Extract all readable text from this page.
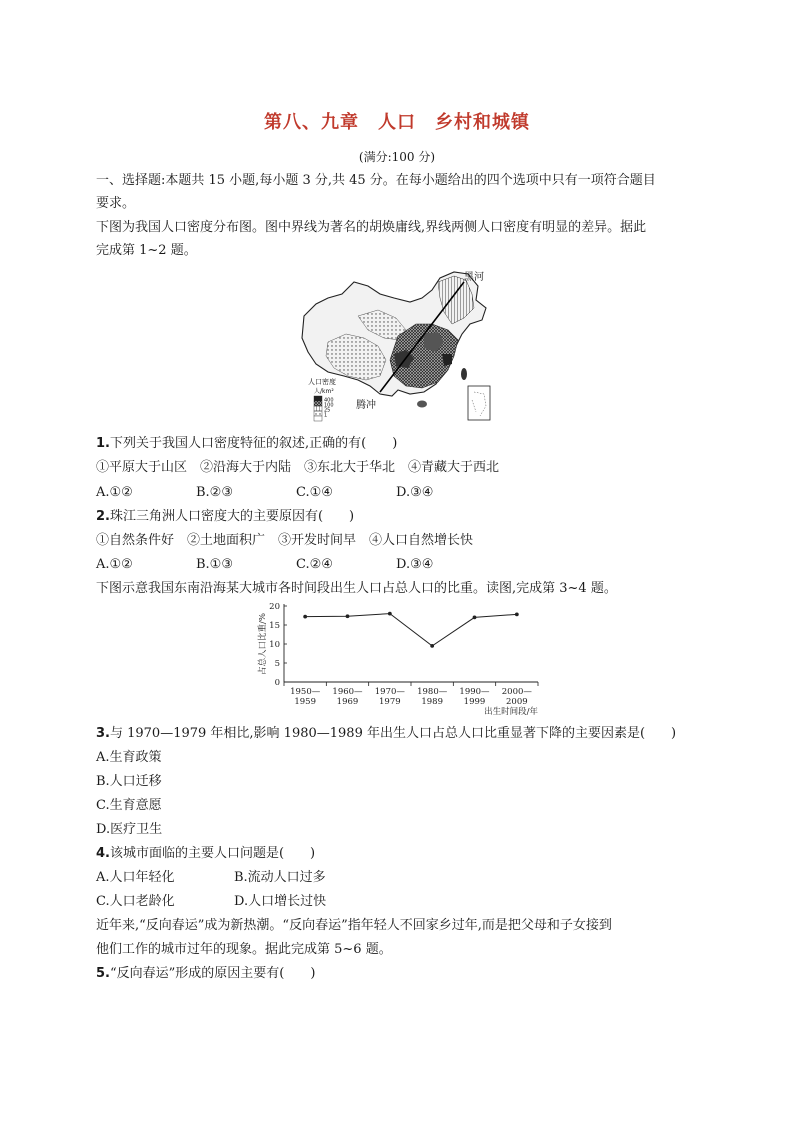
第八、九章　人口　乡村和城镇
(满分:100 分)
一、选择题:本题共 15 小题,每小题 3 分,共 45 分。在每小题给出的四个选项中只有一项符合题目
要求。
下图为我国人口密度分布图。图中界线为著名的胡焕庸线,界线两侧人口密度有明显的差异。据此
完成第 1~2 题。
黑河
腾冲
人口密度
人/km²
400
100
25
1
1.下列关于我国人口密度特征的叙述,正确的有(　　)
①平原大于山区　②沿海大于内陆　③东北大于华北　④青藏大于西北
A.①②	B.②③	C.①④	D.③④
2.珠江三角洲人口密度大的主要原因有(　　)
①自然条件好　②土地面积广　③开发时间早　④人口自然增长快
A.①②	B.①③	C.②④	D.③④
下图示意我国东南沿海某大城市各时间段出生人口占总人口的比重。读图,完成第 3~4 题。
0
5
10
15
20
占总人口比重/%
1950—
1959
1960—
1969
1970—
1979
1980—
1989
1990—
1999
2000—
2009
出生时间段/年
3.与 1970—1979 年相比,影响 1980—1989 年出生人口占总人口比重显著下降的主要因素是(　　)
A.生育政策
B.人口迁移
C.生育意愿
D.医疗卫生
4.该城市面临的主要人口问题是(　　)
A.人口年轻化	B.流动人口过多
C.人口老龄化	D.人口增长过快
近年来,“反向春运”成为新热潮。“反向春运”指年轻人不回家乡过年,而是把父母和子女接到
他们工作的城市过年的现象。据此完成第 5~6 题。
5.“反向春运”形成的原因主要有(　　)
